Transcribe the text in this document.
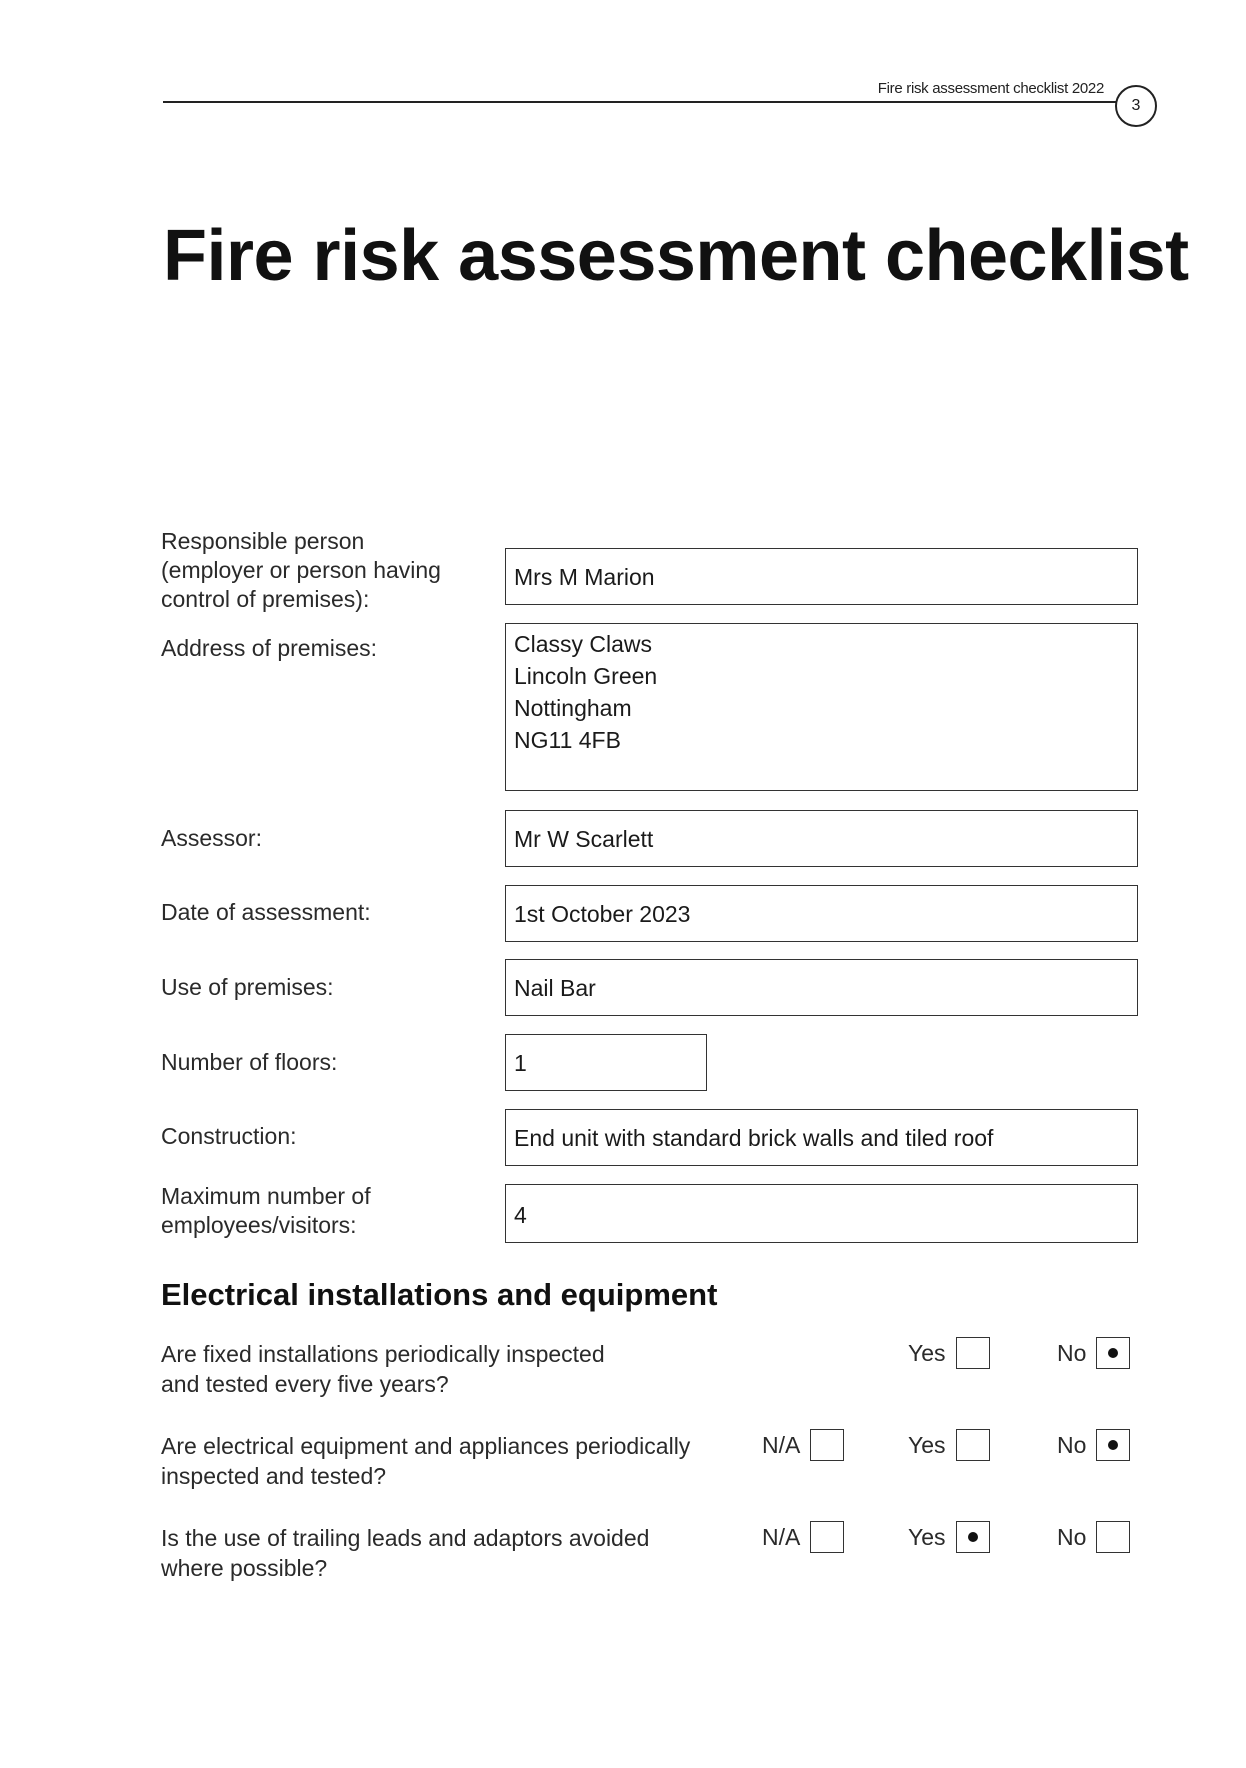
Fire risk assessment checklist 2022
3
Fire risk assessment checklist
Responsible person
(employer or person having
control of premises):
Mrs M Marion
Address of premises:	Classy Claws
Lincoln Green
Nottingham
NG11 4FB
Assessor:	Mr W Scarlett
Date of assessment:	1st October 2023
Use of premises:	Nail Bar
Number of floors:	1
Construction:	End unit with standard brick walls and tiled roof
Maximum number of
employees/visitors:	4
Electrical installations and equipment
Are fixed installations periodically inspected
and tested every five years?
Yes	No
Are electrical equipment and appliances periodically
inspected and tested?
N/A	Yes	No
Is the use of trailing leads and adaptors avoided
where possible?
N/A	Yes	No
